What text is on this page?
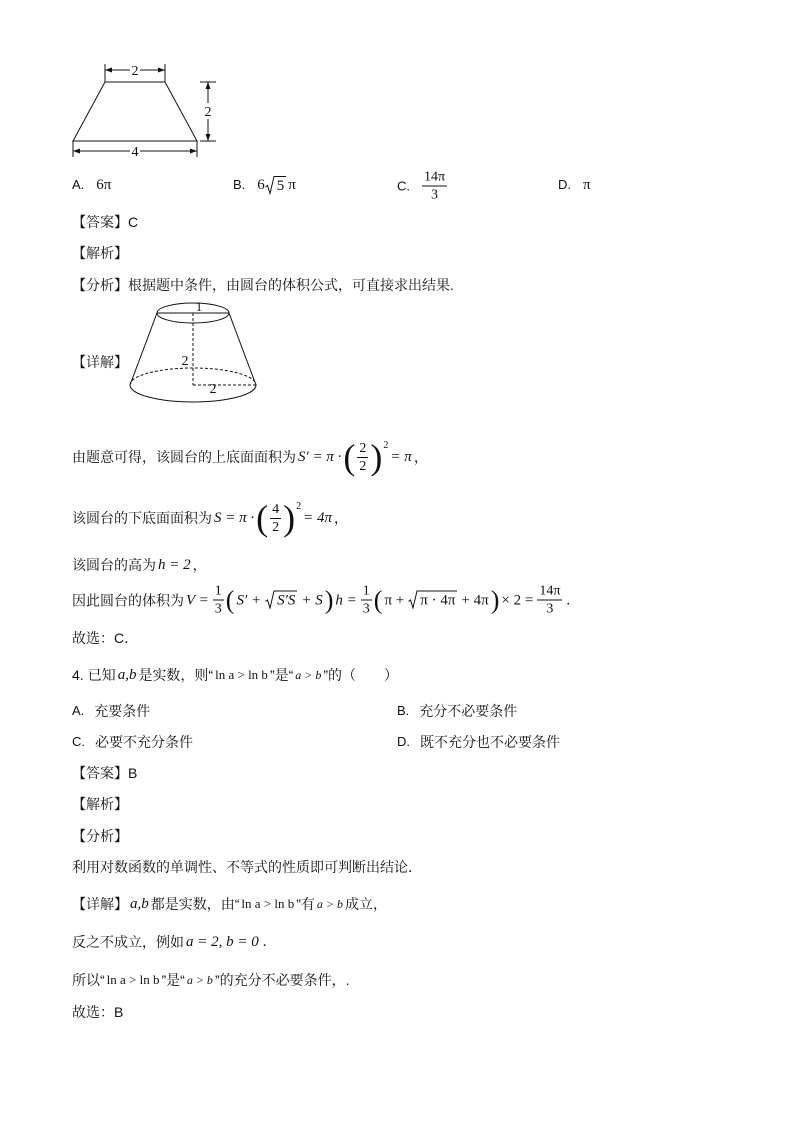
2
2
4
A. 6π	B. 6 5 π	C. $\frac{14\pi}{3}$	D. π
【答案】 C
【解析】
【分析】 根据题中条件，由圆台的体积公式，可直接求出结果.
【详解】
1
2
2
由题意可得，该圆台的上底面面积为 S′ = π · ( $\frac{2}{2}$ ) 2
= π ，
该圆台的下底面面积为 S = π · ( $\frac{4}{2}$ ) 2
= 4π ，
该圆台的高为 h = 2 ，
因此圆台的体积为 $V = \frac{1}{3}$ ( S′ + S′S + S ) $h = \frac{1}{3}$ ( π + π · 4π + 4π ) × $2 = \frac{14\pi}{3}$ .
故选：C．
4. 已知 a,b 是实数，则“ ln a > ln b ”是“ a > b ”的（　　）
A. 充要条件	B. 充分不必要条件
C. 必要不充分条件	D. 既不充分也不必要条件
【答案】 B
【解析】
【分析】
利用对数函数的单调性、不等式的性质即可判断出结论．
【详解】 a,b 都是实数，由“ ln a > ln b ”有 a > b 成立，
反之不成立，例如 a = 2, b = 0 .
所以“ ln a > ln b ”是“ a > b ”的充分不必要条件，.
故选：B
